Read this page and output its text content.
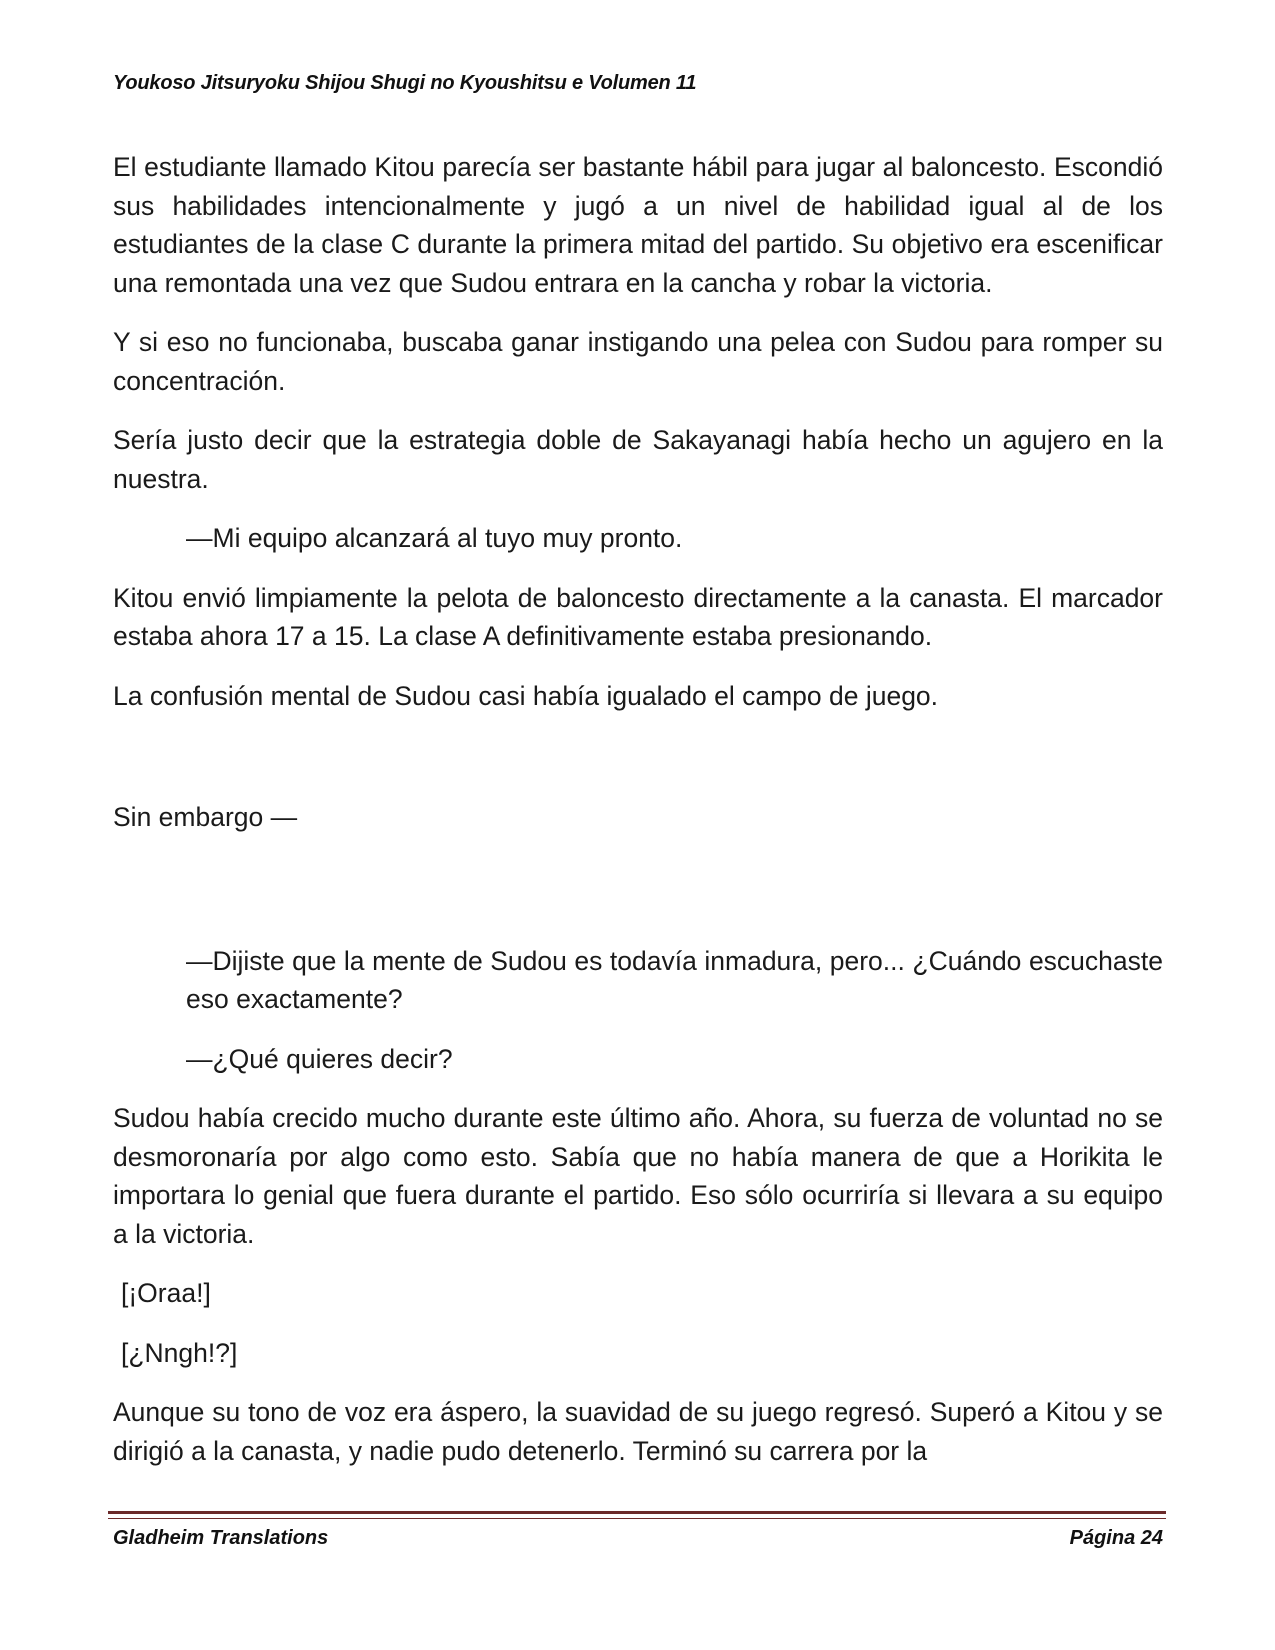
Youkoso Jitsuryoku Shijou Shugi no Kyoushitsu e Volumen 11

El estudiante llamado Kitou parecía ser bastante hábil para jugar al baloncesto. Escondió sus habilidades intencionalmente y jugó a un nivel de habilidad igual al de los estudiantes de la clase C durante la primera mitad del partido. Su objetivo era escenificar una remontada una vez que Sudou entrara en la cancha y robar la victoria.

Y si eso no funcionaba, buscaba ganar instigando una pelea con Sudou para romper su concentración.

Sería justo decir que la estrategia doble de Sakayanagi había hecho un agujero en la nuestra.

—Mi equipo alcanzará al tuyo muy pronto.

Kitou envió limpiamente la pelota de baloncesto directamente a la canasta. El marcador estaba ahora 17 a 15. La clase A definitivamente estaba presionando.

La confusión mental de Sudou casi había igualado el campo de juego.

Sin embargo —

—Dijiste que la mente de Sudou es todavía inmadura, pero... ¿Cuándo escuchaste eso exactamente?

—¿Qué quieres decir?

Sudou había crecido mucho durante este último año. Ahora, su fuerza de voluntad no se desmoronaría por algo como esto. Sabía que no había manera de que a Horikita le importara lo genial que fuera durante el partido. Eso sólo ocurriría si llevara a su equipo a la victoria.

[¡Oraa!]

[¿Nngh!?]

Aunque su tono de voz era áspero, la suavidad de su juego regresó. Superó a Kitou y se dirigió a la canasta, y nadie pudo detenerlo. Terminó su carrera por la

Gladheim Translations	Página 24
